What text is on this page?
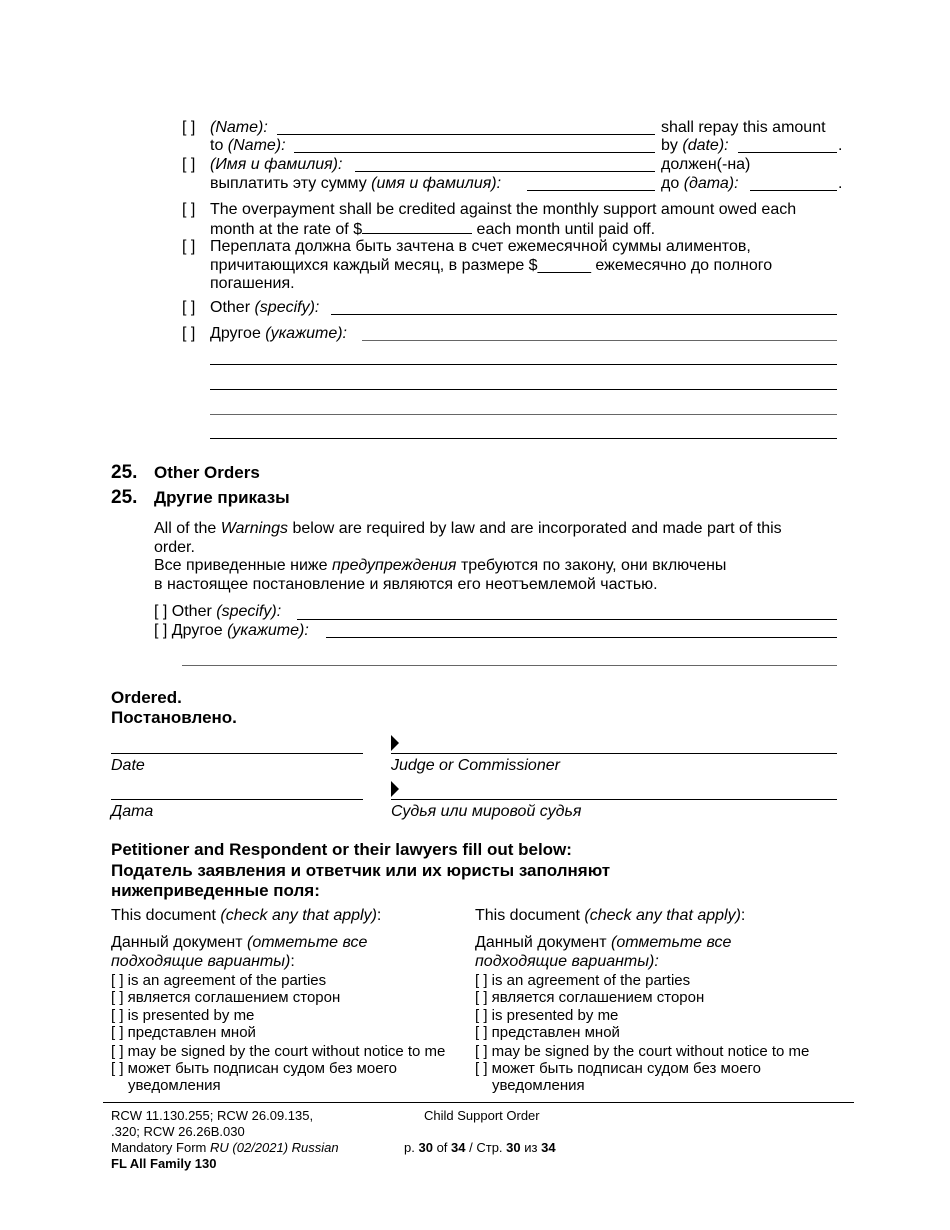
[ ] (Name):	shall repay this amount
to (Name):	by (date):	.
[ ] (Имя и фамилия):	должен(-на)
выплатить эту сумму (имя и фамилия):	до (дата):	.
[ ] The overpayment shall be credited against the monthly support amount owed each
month at the rate of $	each month until paid off.
[ ] Переплата должна быть зачтена в счет ежемесячной суммы алиментов,
причитающихся каждый месяц, в размере $______ ежемесячно до полного
погашения.
[ ] Other (specify):
[ ] Другое (укажите):
25. Other Orders
25. Другие приказы
All of the Warnings below are required by law and are incorporated and made part of this
order.
Все приведенные ниже предупреждения требуются по закону, они включены
в настоящее постановление и являются его неотъемлемой частью.
[ ] Other (specify):
[ ] Другое (укажите):
Ordered.
Постановлено.
Date	Judge or Commissioner
Дата	Судья или мировой судья
Petitioner and Respondent or their lawyers fill out below:
Податель заявления и ответчик или их юристы заполняют
нижеприведенные поля:
This document (check any that apply):
Данный документ (отметьте все
подходящие варианты):
[ ] is an agreement of the parties
[ ] является соглашением сторон
[ ] is presented by me
[ ] представлен мной
[ ] may be signed by the court without notice to me
[ ] может быть подписан судом без моего
уведомления
This document (check any that apply):
Данный документ (отметьте все
подходящие варианты):
[ ] is an agreement of the parties
[ ] является соглашением сторон
[ ] is presented by me
[ ] представлен мной
[ ] may be signed by the court without notice to me
[ ] может быть подписан судом без моего
уведомления
RCW 11.130.255; RCW 26.09.135,
.320; RCW 26.26B.030
Mandatory Form RU (02/2021) Russian
FL All Family 130
Child Support Order
p. 30 of 34 / Стр. 30 из 34
